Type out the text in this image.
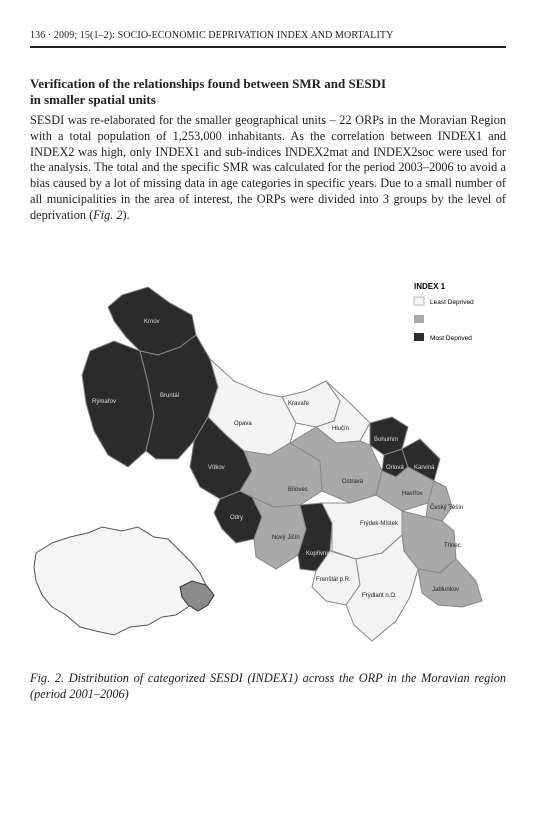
136 · 2009; 15(1–2): SOCIO-ECONOMIC DEPRIVATION INDEX AND MORTALITY
Verification of the relationships found between SMR and SESDI
in smaller spatial units
SESDI was re-elaborated for the smaller geographical units – 22 ORPs in the Moravian Region with a total population of 1,253,000 inhabitants. As the correlation between INDEX1 and INDEX2 was high, only INDEX1 and sub-indices INDEX2mat and INDEX2soc were used for the analysis. The total and the specific SMR was calculated for the period 2003–2006 to avoid a bias caused by a lot of missing data in age categories in specific years. Due to a small number of all municipalities in the area of interest, the ORPs were divided into 3 groups by the level of deprivation (Fig. 2).
Krnov
Rýmařov
Bruntál
Opava
Kravaře
Hlučín
Bohumín
Orlová Karviná
Vítkov
Bílovec
Ostrava
Havířov
Český Těšín
Odry
Nový Jičín
Kopřivnice
Frýdek-Místek
Třinec
Frenštát p.R.
Frýdlant n.O.
Jablunkov
INDEX 1
Least Deprived
Most Deprived
Fig. 2. Distribution of categorized SESDI (INDEX1) across the ORP in the Moravian region (period 2001–2006)
